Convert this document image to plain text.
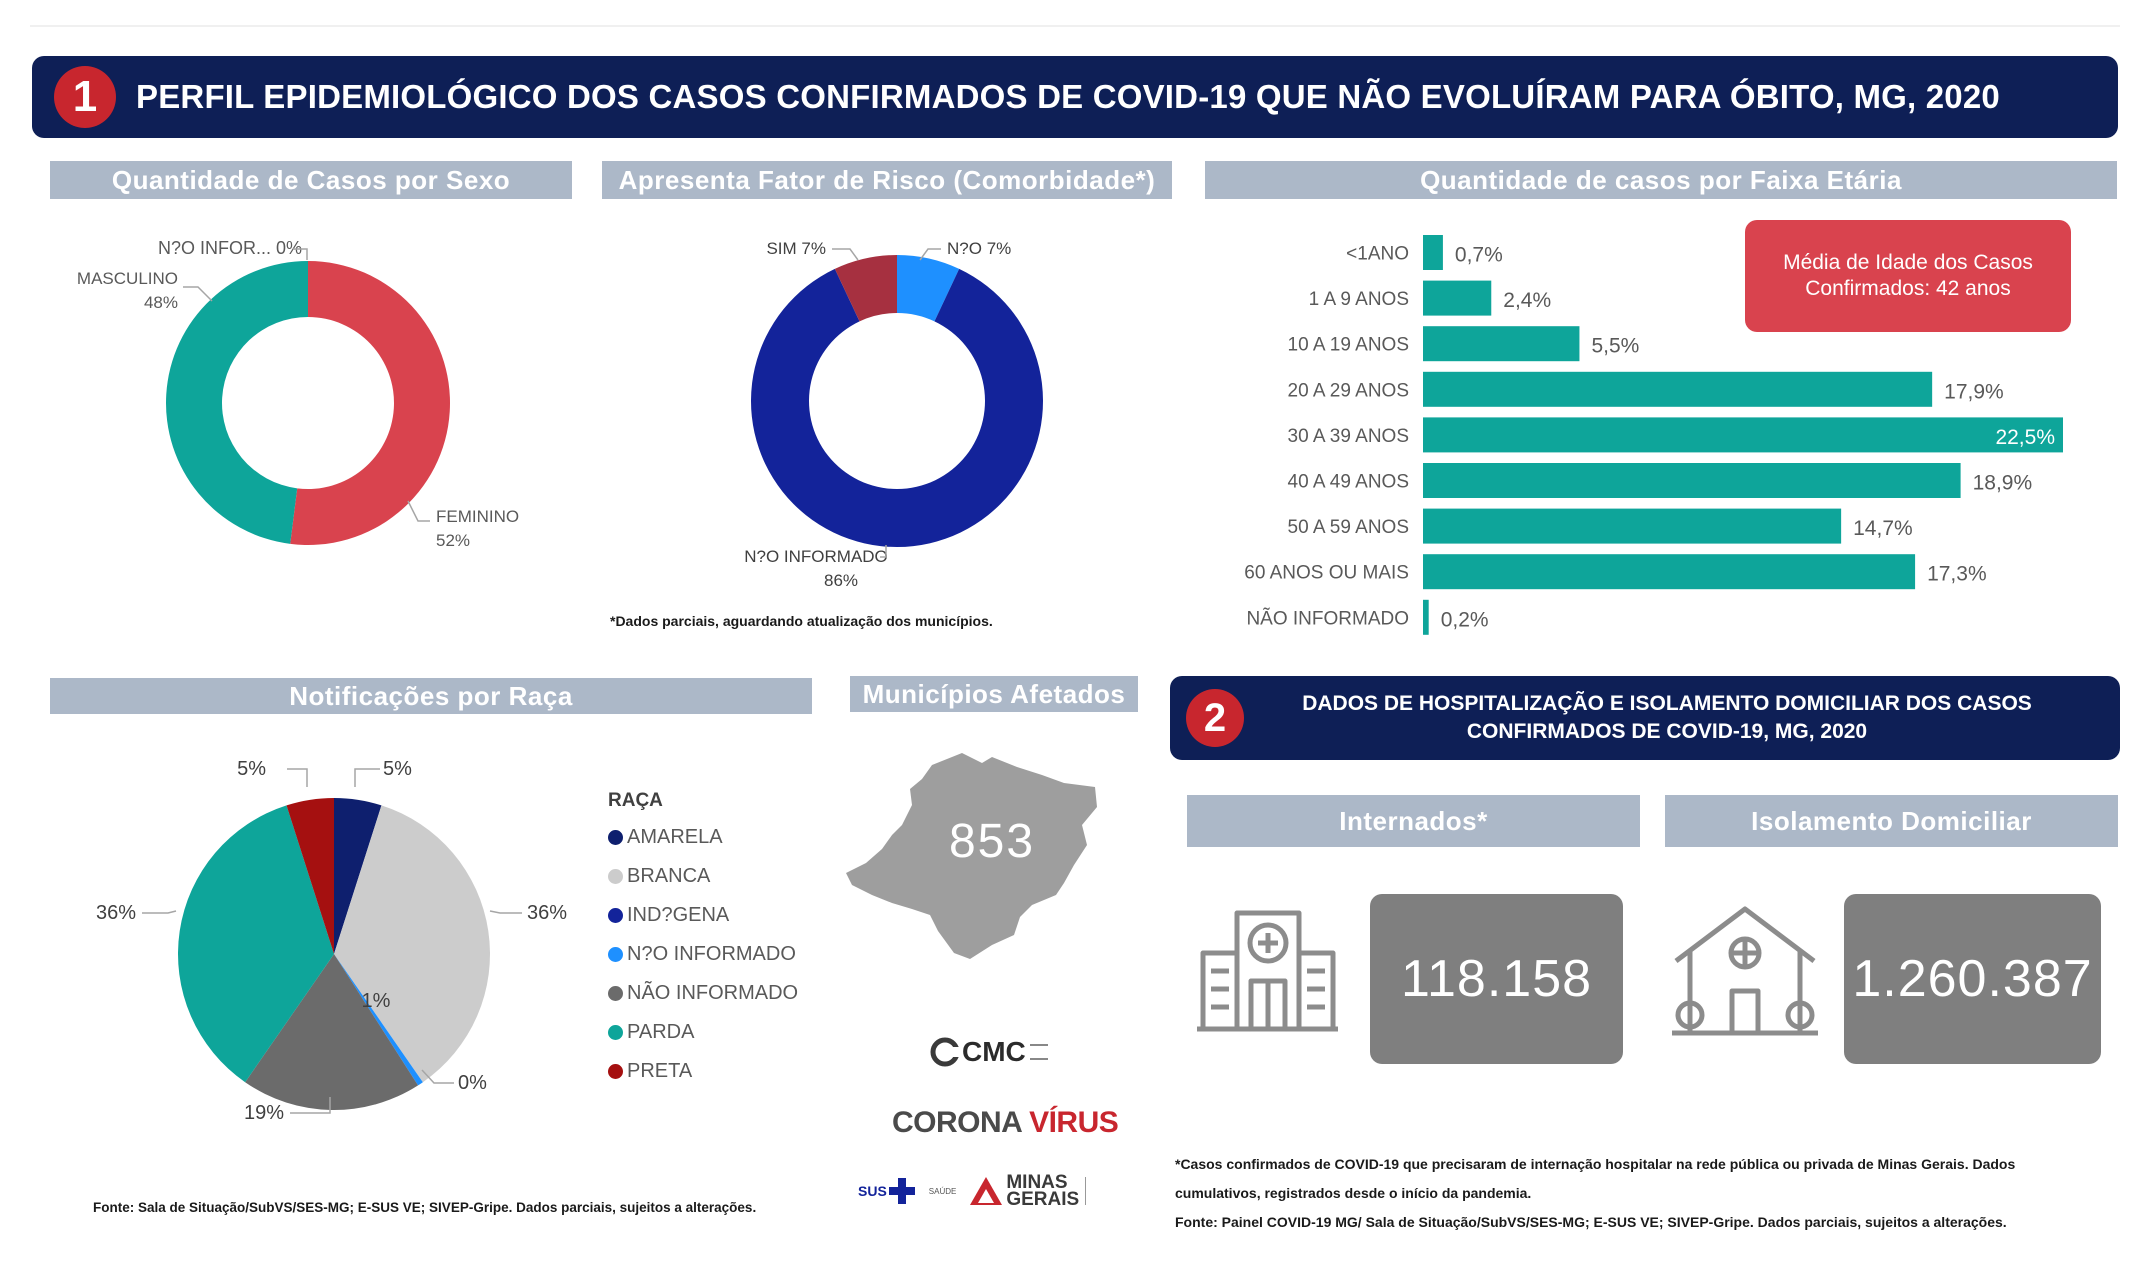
1	PERFIL EPIDEMIOLÓGICO DOS CASOS CONFIRMADOS DE COVID-19 QUE NÃO EVOLUÍRAM PARA ÓBITO, MG, 2020
Quantidade de Casos por Sexo	Apresenta Fator de Risco (Comorbidade*)	Quantidade de casos por Faixa Etária
Notificações por Raça	Municípios Afetados
N?O INFOR... 0%
MASCULINO
48%
FEMININO
52%
SIM 7%	N?O 7%
N?O INFORMADO
86%
*Dados parciais, aguardando atualização dos municípios.
<1ANO 0,7%
1 A 9 ANOS	2,4%
10 A 19 ANOS	5,5%
20 A 29 ANOS	17,9%
30 A 39 ANOS	22,5%
40 A 49 ANOS	18,9%
50 A 59 ANOS	14,7%
60 ANOS OU MAIS	17,3%
NÃO INFORMADO 0,2%
Média de Idade dos Casos
Confirmados: 42 anos
5%	5%
36%
36%
1%
0%
19%
RAÇA
AMARELA
BRANCA
IND?GENA
N?O INFORMADO
NÃO INFORMADO
PARDA
PRETA
853
CMC
CORONA VÍRUS
SUS	SAÚDE	MINAS
GERAIS
2	DADOS DE HOSPITALIZAÇÃO E ISOLAMENTO DOMICILIAR DOS CASOS
CONFIRMADOS DE COVID-19, MG, 2020
Internados*	Isolamento Domiciliar
118.158	1.260.387
Fonte: Sala de Situação/SubVS/SES-MG; E-SUS VE; SIVEP-Gripe. Dados parciais, sujeitos a alterações.
*Casos confirmados de COVID-19 que precisaram de internação hospitalar na rede pública ou privada de Minas Gerais. Dados
cumulativos, registrados desde o início da pandemia.
Fonte: Painel COVID-19 MG/ Sala de Situação/SubVS/SES-MG; E-SUS VE; SIVEP-Gripe. Dados parciais, sujeitos a alterações.
